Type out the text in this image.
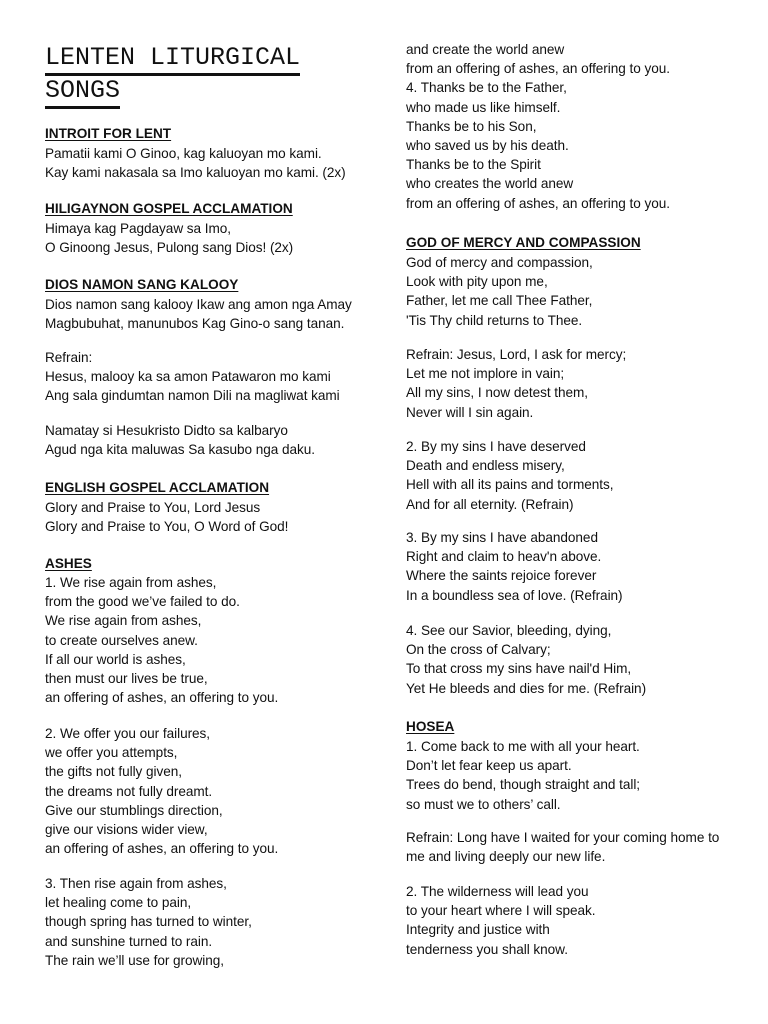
LENTEN LITURGICAL
SONGS
INTROIT FOR LENT
Pamatii kami O Ginoo, kag kaluoyan mo kami.
Kay kami nakasala sa Imo kaluoyan mo kami. (2x)
HILIGAYNON GOSPEL ACCLAMATION
Himaya kag Pagdayaw sa Imo,
O Ginoong Jesus, Pulong sang Dios! (2x)
DIOS NAMON SANG KALOOY
Dios namon sang kalooy Ikaw ang amon nga Amay
Magbubuhat, manunubos Kag Gino-o sang tanan.
Refrain:
Hesus, malooy ka sa amon Patawaron mo kami
Ang sala gindumtan namon Dili na magliwat kami
Namatay si Hesukristo Didto sa kalbaryo
Agud nga kita maluwas Sa kasubo nga daku.
ENGLISH GOSPEL ACCLAMATION
Glory and Praise to You, Lord Jesus
Glory and Praise to You, O Word of God!
ASHES
1. We rise again from ashes,
from the good we’ve failed to do.
We rise again from ashes,
to create ourselves anew.
If all our world is ashes,
then must our lives be true,
an offering of ashes, an offering to you.
2. We offer you our failures,
we offer you attempts,
the gifts not fully given,
the dreams not fully dreamt.
Give our stumblings direction,
give our visions wider view,
an offering of ashes, an offering to you.
3. Then rise again from ashes,
let healing come to pain,
though spring has turned to winter,
and sunshine turned to rain.
The rain we’ll use for growing,
and create the world anew
from an offering of ashes, an offering to you.
4. Thanks be to the Father,
who made us like himself.
Thanks be to his Son,
who saved us by his death.
Thanks be to the Spirit
who creates the world anew
from an offering of ashes, an offering to you.
GOD OF MERCY AND COMPASSION
God of mercy and compassion,
Look with pity upon me,
Father, let me call Thee Father,
'Tis Thy child returns to Thee.
Refrain: Jesus, Lord, I ask for mercy;
Let me not implore in vain;
All my sins, I now detest them,
Never will I sin again.
2. By my sins I have deserved
Death and endless misery,
Hell with all its pains and torments,
And for all eternity. (Refrain)
3. By my sins I have abandoned
Right and claim to heav'n above.
Where the saints rejoice forever
In a boundless sea of love. (Refrain)
4. See our Savior, bleeding, dying,
On the cross of Calvary;
To that cross my sins have nail'd Him,
Yet He bleeds and dies for me. (Refrain)
HOSEA
1. Come back to me with all your heart.
Don’t let fear keep us apart.
Trees do bend, though straight and tall;
so must we to others’ call.
Refrain: Long have I waited for your coming home to
me and living deeply our new life.
2. The wilderness will lead you
to your heart where I will speak.
Integrity and justice with
tenderness you shall know.
